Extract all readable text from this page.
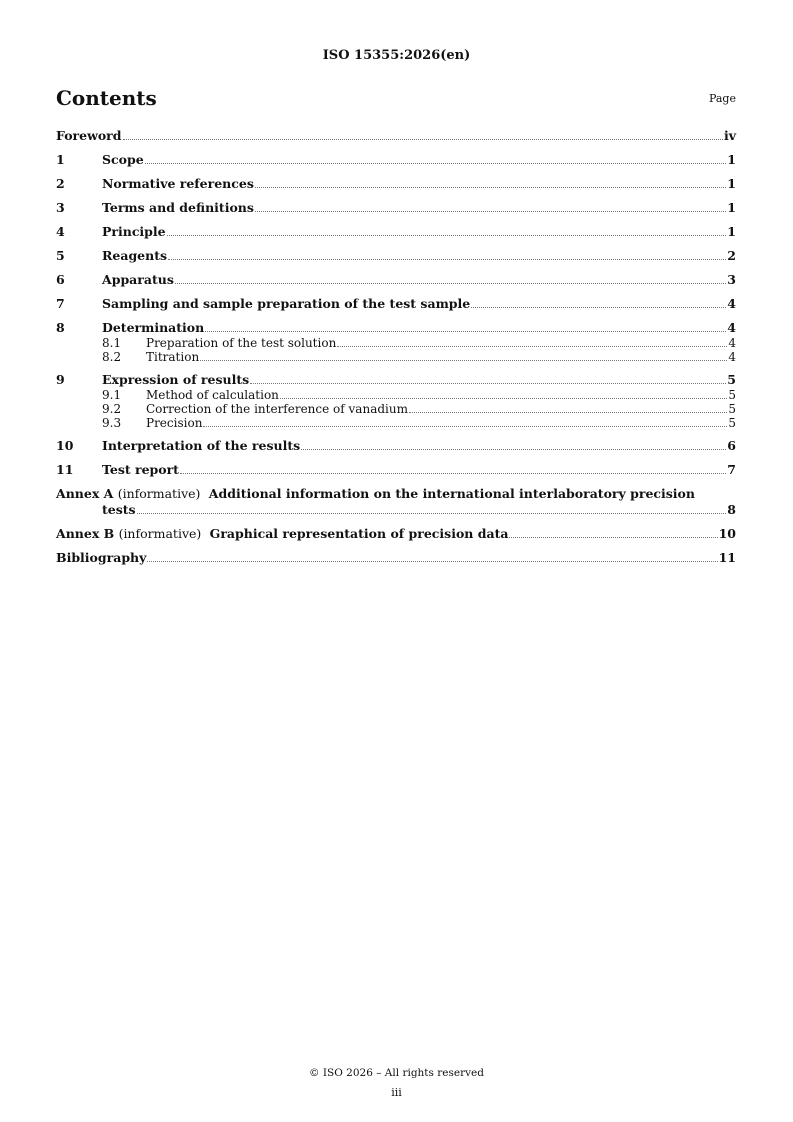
ISO 15355:2026(en)
Contents	Page
Foreword	iv
1	Scope	1
2	Normative references	1
3	Terms and definitions	1
4	Principle	1
5	Reagents	2
6	Apparatus	3
7	Sampling and sample preparation of the test sample	4
8	Determination	4
8.1	Preparation of the test solution	4
8.2	Titration	4
9	Expression of results	5
9.1	Method of calculation	5
9.2	Correction of the interference of vanadium	5
9.3	Precision	5
10	Interpretation of the results	6
11	Test report	7
Annex A (informative) Additional information on the international interlaboratory precision
tests	8
Annex B (informative) Graphical representation of precision data	10
Bibliography	11
© ISO 2026 – All rights reserved
iii
